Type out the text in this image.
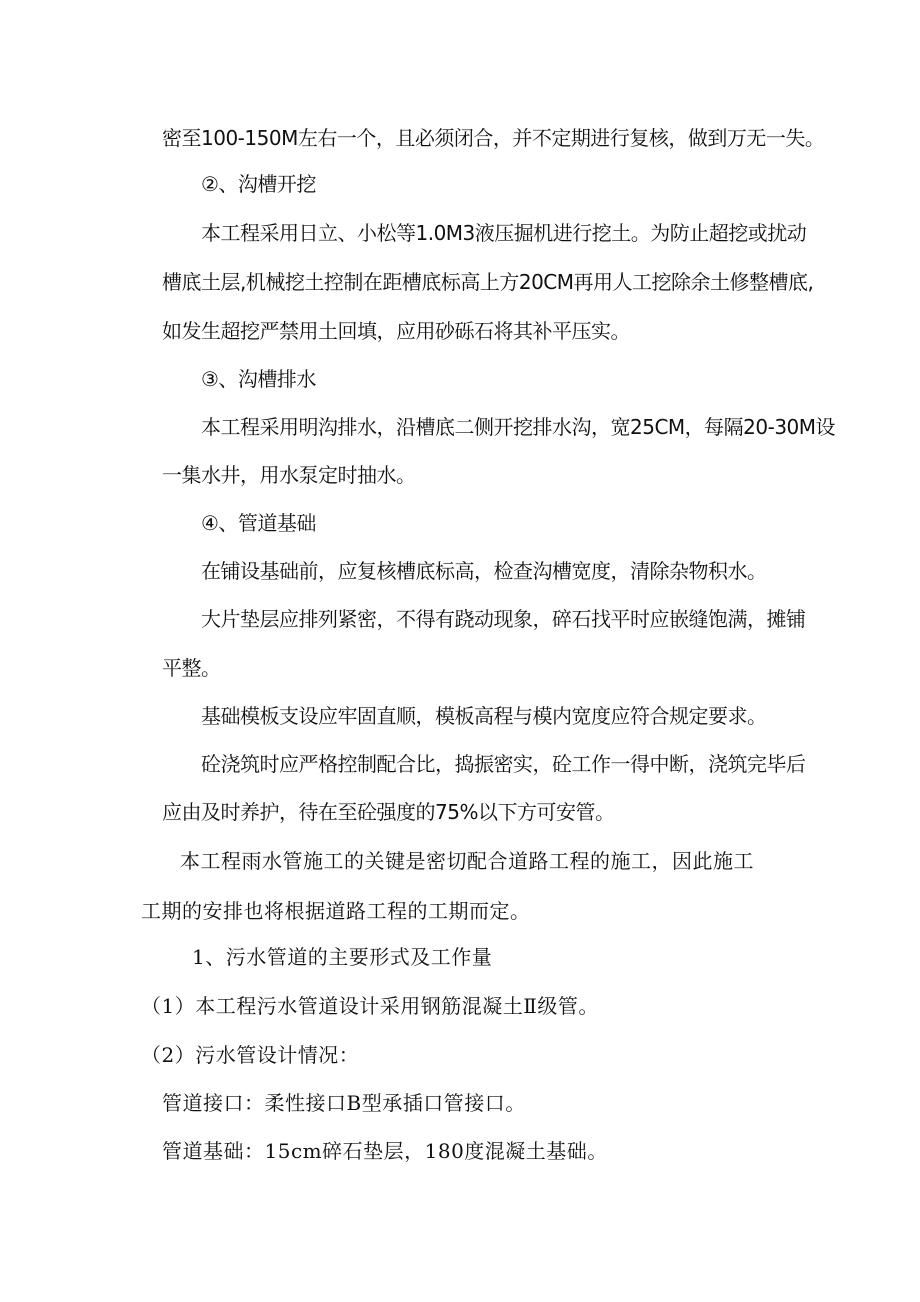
密至100-150M左右一个，且必须闭合，并不定期进行复核，做到万无一失。
②、沟槽开挖
本工程采用日立、小松等1.0M3液压掘机进行挖土。为防止超挖或扰动
槽底土层,机械挖土控制在距槽底标高上方20CM再用人工挖除余土修整槽底,
如发生超挖严禁用土回填，应用砂砾石将其补平压实。
③、沟槽排水
本工程采用明沟排水，沿槽底二侧开挖排水沟，宽25CM，每隔20-30M设
一集水井，用水泵定时抽水。
④、管道基础
在铺设基础前，应复核槽底标高，检查沟槽宽度，清除杂物积水。
大片垫层应排列紧密，不得有跷动现象，碎石找平时应嵌缝饱满，摊铺
平整。
基础模板支设应牢固直顺，模板高程与模内宽度应符合规定要求。
砼浇筑时应严格控制配合比，捣振密实，砼工作一得中断，浇筑完毕后
应由及时养护，待在至砼强度的75%以下方可安管。
本工程雨水管施工的关键是密切配合道路工程的施工，因此施工
工期的安排也将根据道路工程的工期而定。
1、污水管道的主要形式及工作量
（1）本工程污水管道设计采用钢筋混凝土Ⅱ级管。
（2）污水管设计情况：
管道接口：柔性接口B型承插口管接口。
管道基础：15cm碎石垫层，180度混凝土基础。
